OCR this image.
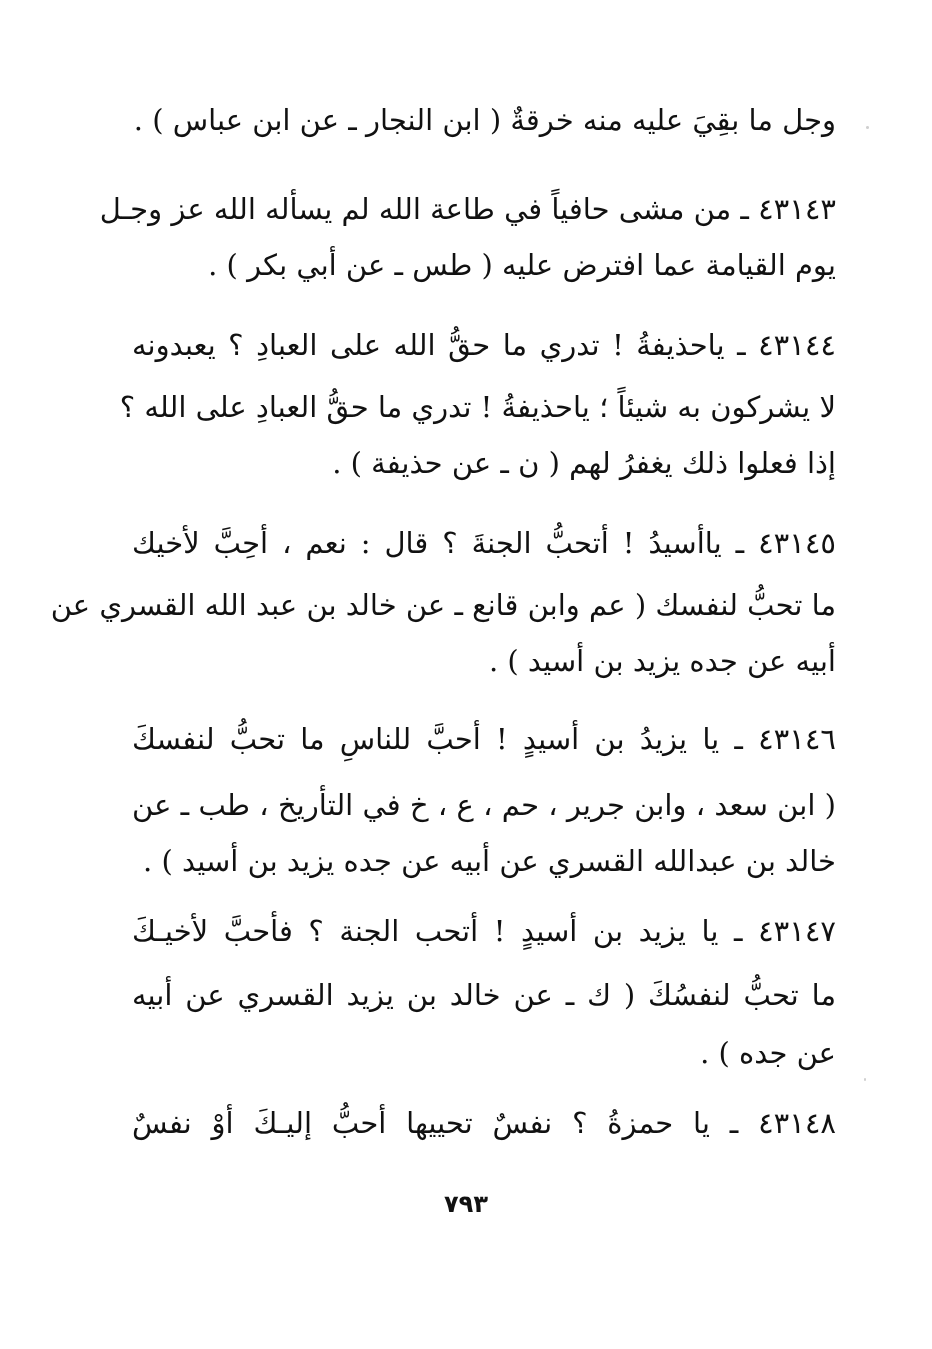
وجل ما بقِيَ عليه منه خرقةٌ ( ابن النجار ـ عن ابن عباس ) .
٤٣١٤٣ ـ من مشى حافياً في طاعة الله لم يسأله الله عز وجـل
يوم القيامة عما افترض عليه ( طس ـ عن أبي بكر ) .
٤٣١٤٤ ـ ياحذيفةُ ! تدري ما حقُّ الله على العبادِ ؟ يعبدونه
لا يشركون به شيئاً ؛ ياحذيفةُ ! تدري ما حقُّ العبادِ على الله ؟
إذا فعلوا ذلك يغفرُ لهم ( ن ـ عن حذيفة ) .
٤٣١٤٥ ـ ياأسيدُ ! أتحبُّ الجنةَ ؟ قال : نعم ، أحِبَّ لأخيك
ما تحبُّ لنفسك ( عم وابن قانع ـ عن خالد بن عبد الله القسري عن
أبيه عن جده يزيد بن أسيد ) .
٤٣١٤٦ ـ يا يزيدُ بن أسيدٍ ! أحبَّ للناسِ ما تحبُّ لنفسكَ
( ابن سعد ، وابن جرير ، حم ، ع ، خ في التأريخ ، طب ـ عن
خالد بن عبدالله القسري عن أبيه عن جده يزيد بن أسيد ) .
٤٣١٤٧ ـ يا يزيد بن أسيدٍ ! أتحب الجنة ؟ فأحبَّ لأخيـكَ
ما تحبُّ لنفسُكَ ( ك ـ عن خالد بن يزيد القسري عن أبيه
عن جده ) .
٤٣١٤٨ ـ يا حمزةُ ؟ نفسٌ تحييها أحبُّ إليـكَ أوْ نفسٌ
٧٩٣
